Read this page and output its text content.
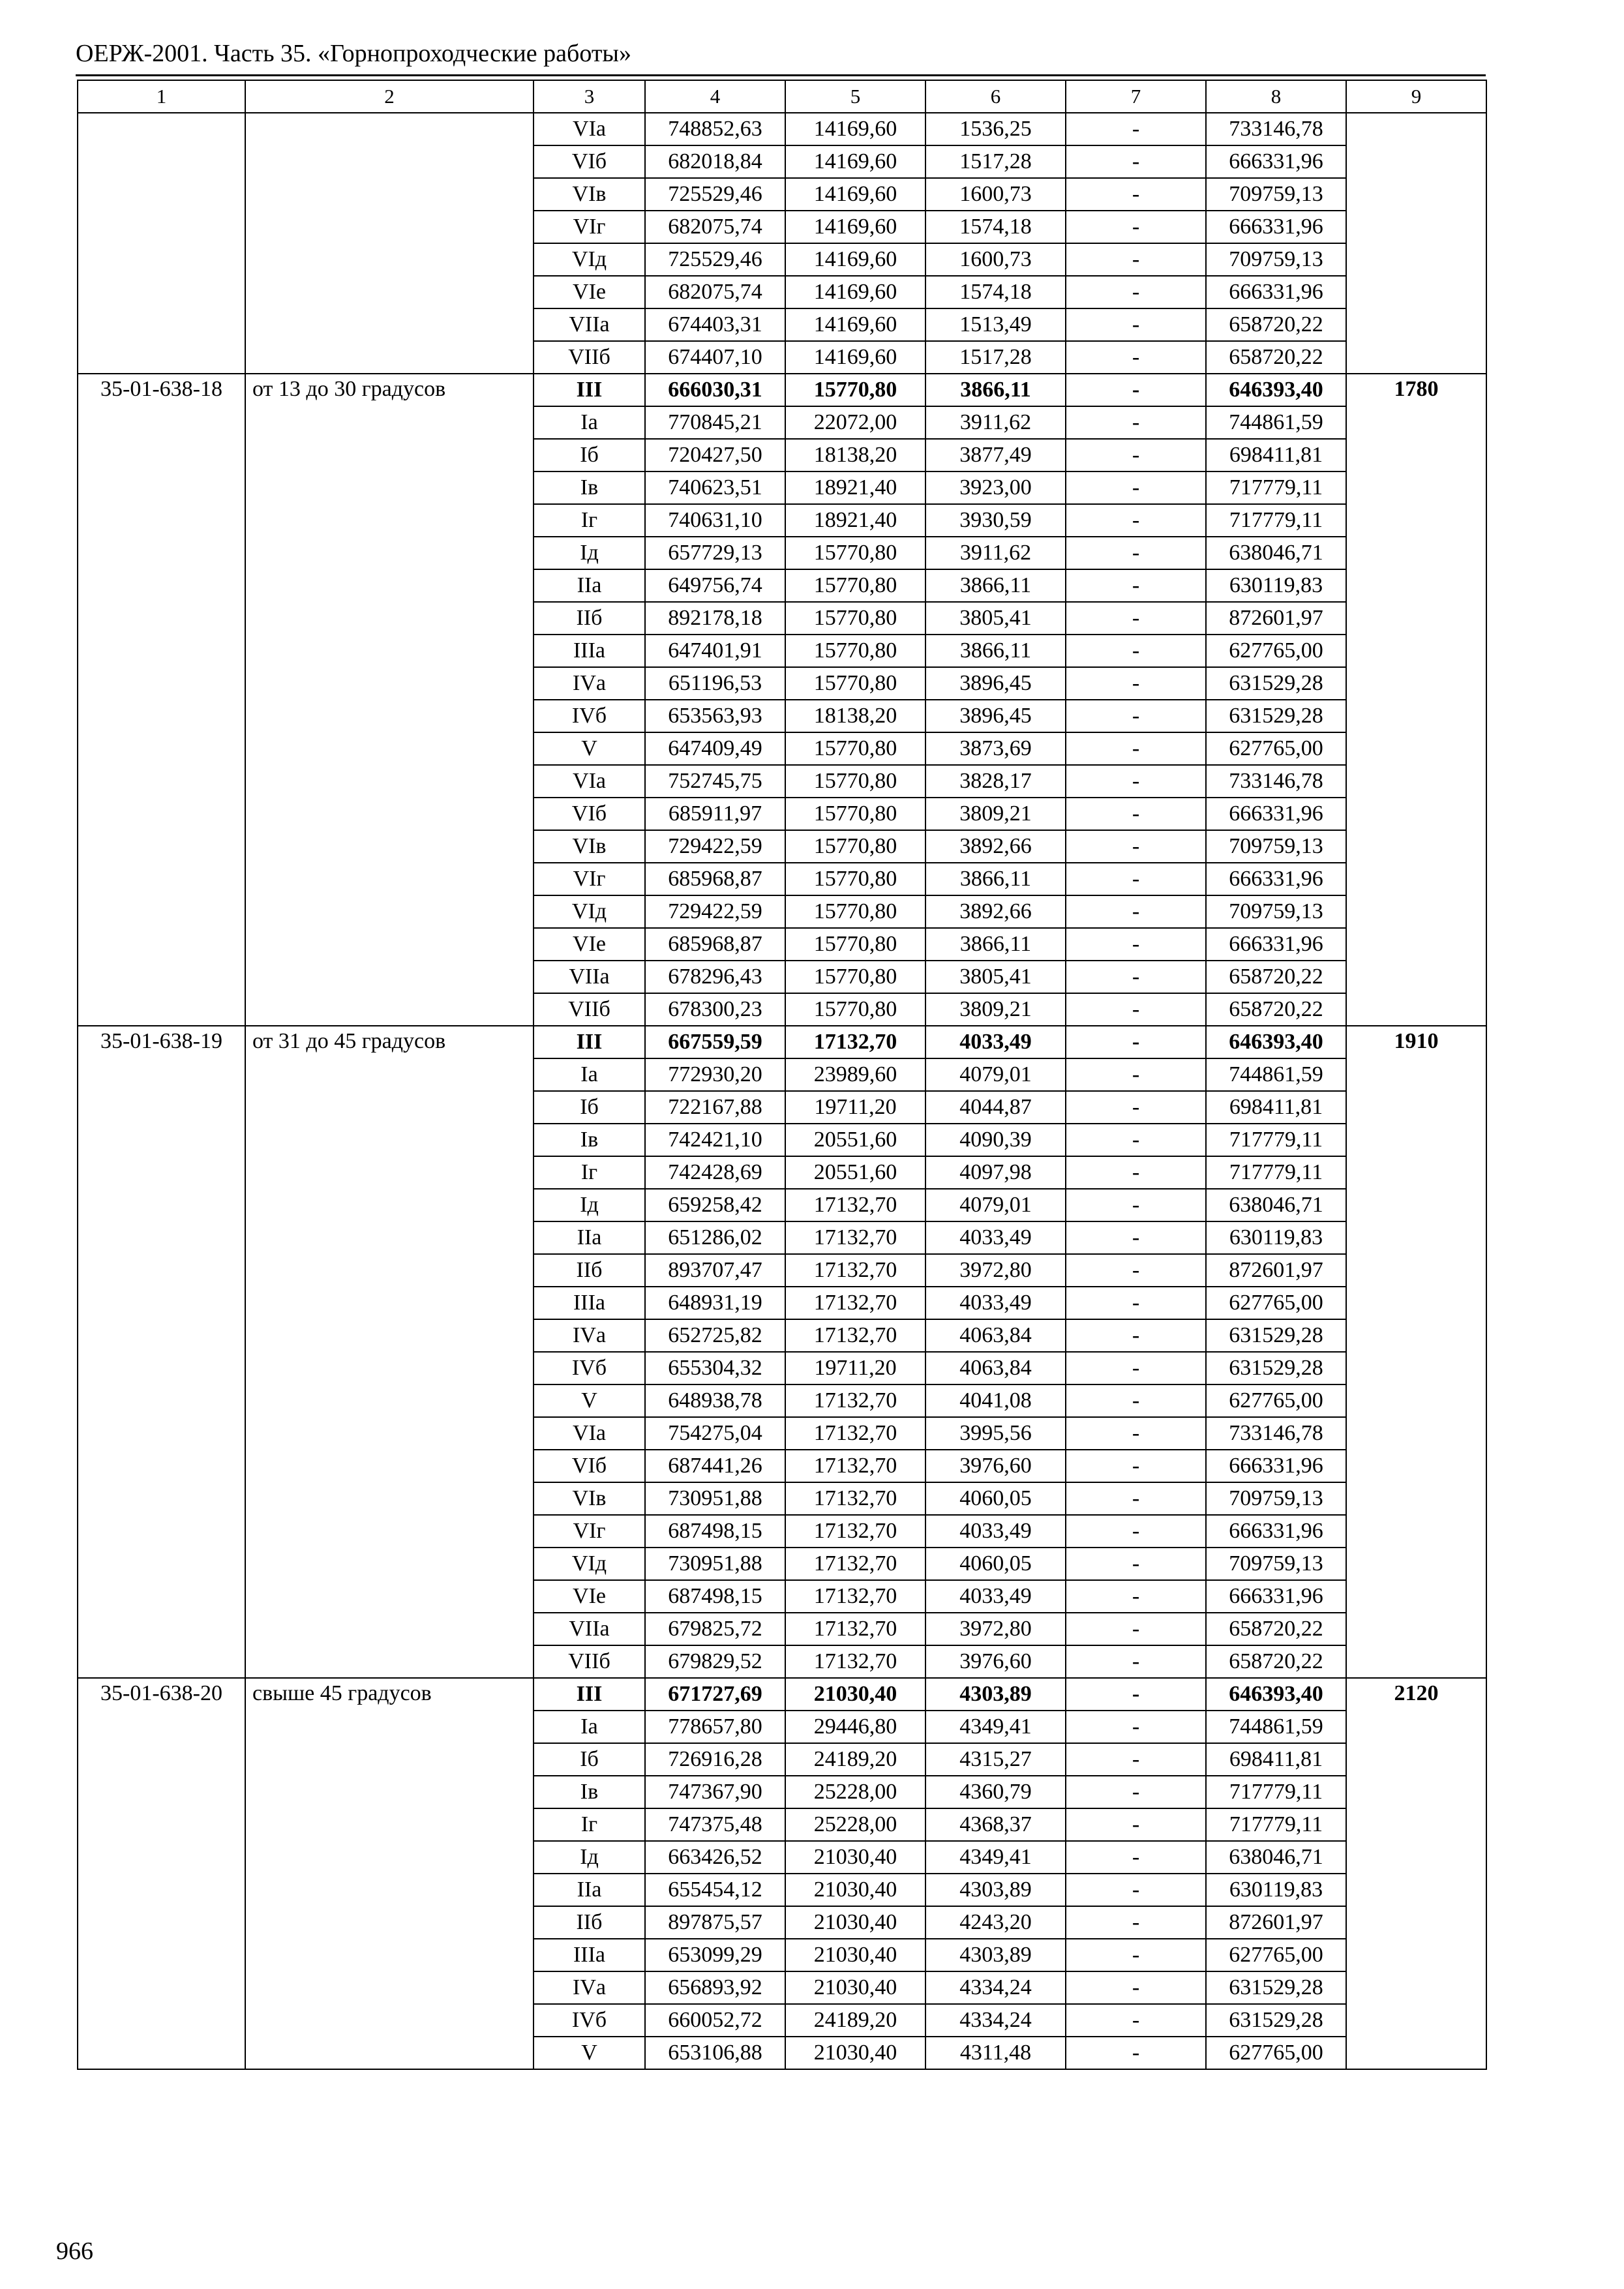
ОЕРЖ-2001. Часть 35. «Горнопроходческие работы»
1	2	3	4	5	6	7	8	9
		VIа	748852,63	14169,60	1536,25	-	733146,78	
		VIб	682018,84	14169,60	1517,28	-	666331,96	
		VIв	725529,46	14169,60	1600,73	-	709759,13	
		VIг	682075,74	14169,60	1574,18	-	666331,96	
		VIд	725529,46	14169,60	1600,73	-	709759,13	
		VIе	682075,74	14169,60	1574,18	-	666331,96	
		VIIа	674403,31	14169,60	1513,49	-	658720,22	
		VIIб	674407,10	14169,60	1517,28	-	658720,22	
35-01-638-18	от 13 до 30 градусов	III	666030,31	15770,80	3866,11	-	646393,40	1780
		Iа	770845,21	22072,00	3911,62	-	744861,59	
		Iб	720427,50	18138,20	3877,49	-	698411,81	
		Iв	740623,51	18921,40	3923,00	-	717779,11	
		Iг	740631,10	18921,40	3930,59	-	717779,11	
		Iд	657729,13	15770,80	3911,62	-	638046,71	
		IIа	649756,74	15770,80	3866,11	-	630119,83	
		IIб	892178,18	15770,80	3805,41	-	872601,97	
		IIIа	647401,91	15770,80	3866,11	-	627765,00	
		IVа	651196,53	15770,80	3896,45	-	631529,28	
		IVб	653563,93	18138,20	3896,45	-	631529,28	
		V	647409,49	15770,80	3873,69	-	627765,00	
		VIа	752745,75	15770,80	3828,17	-	733146,78	
		VIб	685911,97	15770,80	3809,21	-	666331,96	
		VIв	729422,59	15770,80	3892,66	-	709759,13	
		VIг	685968,87	15770,80	3866,11	-	666331,96	
		VIд	729422,59	15770,80	3892,66	-	709759,13	
		VIе	685968,87	15770,80	3866,11	-	666331,96	
		VIIа	678296,43	15770,80	3805,41	-	658720,22	
		VIIб	678300,23	15770,80	3809,21	-	658720,22	
35-01-638-19	от 31 до 45 градусов	III	667559,59	17132,70	4033,49	-	646393,40	1910
		Iа	772930,20	23989,60	4079,01	-	744861,59	
		Iб	722167,88	19711,20	4044,87	-	698411,81	
		Iв	742421,10	20551,60	4090,39	-	717779,11	
		Iг	742428,69	20551,60	4097,98	-	717779,11	
		Iд	659258,42	17132,70	4079,01	-	638046,71	
		IIа	651286,02	17132,70	4033,49	-	630119,83	
		IIб	893707,47	17132,70	3972,80	-	872601,97	
		IIIа	648931,19	17132,70	4033,49	-	627765,00	
		IVа	652725,82	17132,70	4063,84	-	631529,28	
		IVб	655304,32	19711,20	4063,84	-	631529,28	
		V	648938,78	17132,70	4041,08	-	627765,00	
		VIа	754275,04	17132,70	3995,56	-	733146,78	
		VIб	687441,26	17132,70	3976,60	-	666331,96	
		VIв	730951,88	17132,70	4060,05	-	709759,13	
		VIг	687498,15	17132,70	4033,49	-	666331,96	
		VIд	730951,88	17132,70	4060,05	-	709759,13	
		VIе	687498,15	17132,70	4033,49	-	666331,96	
		VIIа	679825,72	17132,70	3972,80	-	658720,22	
		VIIб	679829,52	17132,70	3976,60	-	658720,22	
35-01-638-20	свыше 45 градусов	III	671727,69	21030,40	4303,89	-	646393,40	2120
		Iа	778657,80	29446,80	4349,41	-	744861,59	
		Iб	726916,28	24189,20	4315,27	-	698411,81	
		Iв	747367,90	25228,00	4360,79	-	717779,11	
		Iг	747375,48	25228,00	4368,37	-	717779,11	
		Iд	663426,52	21030,40	4349,41	-	638046,71	
		IIа	655454,12	21030,40	4303,89	-	630119,83	
		IIб	897875,57	21030,40	4243,20	-	872601,97	
		IIIа	653099,29	21030,40	4303,89	-	627765,00	
		IVа	656893,92	21030,40	4334,24	-	631529,28	
		IVб	660052,72	24189,20	4334,24	-	631529,28	
		V	653106,88	21030,40	4311,48	-	627765,00	
966
